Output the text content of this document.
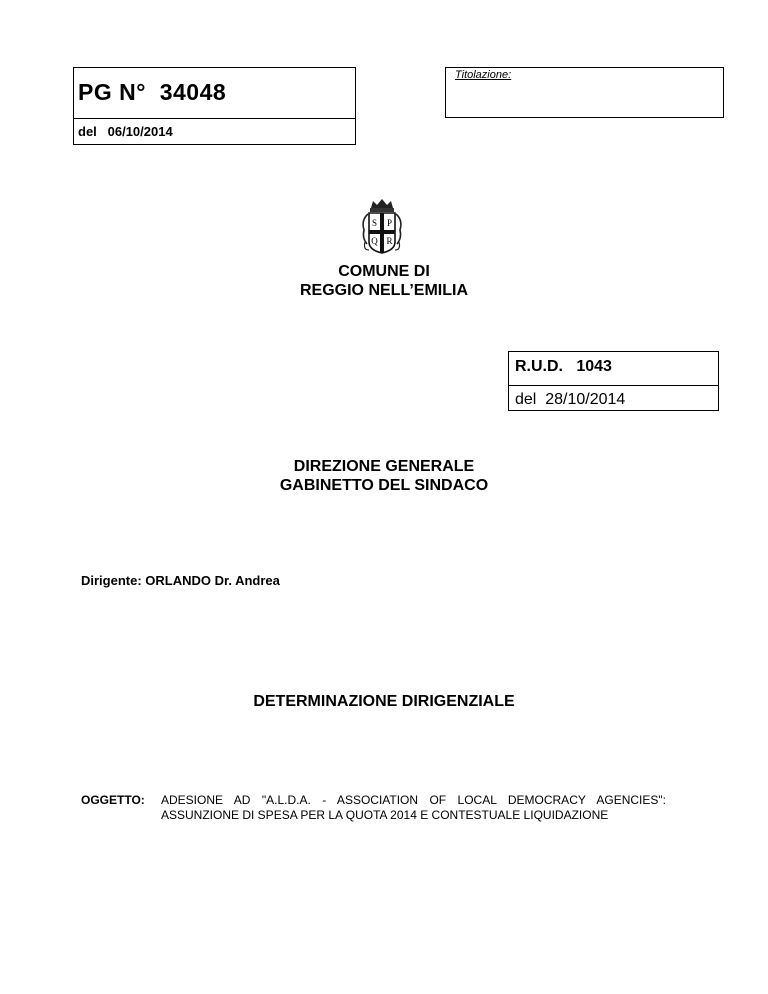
PG N°  34048
del   06/10/2014
Titolazione:
S P
Q R
COMUNE DI
REGGIO NELL’EMILIA
R.U.D.   1043
del  28/10/2014
DIREZIONE GENERALE
GABINETTO DEL SINDACO
Dirigente: ORLANDO Dr. Andrea
DETERMINAZIONE DIRIGENZIALE
OGGETTO: ADESIONE AD "A.L.D.A. - ASSOCIATION OF LOCAL DEMOCRACY AGENCIES": ASSUNZIONE DI SPESA PER LA QUOTA 2014 E CONTESTUALE LIQUIDAZIONE
